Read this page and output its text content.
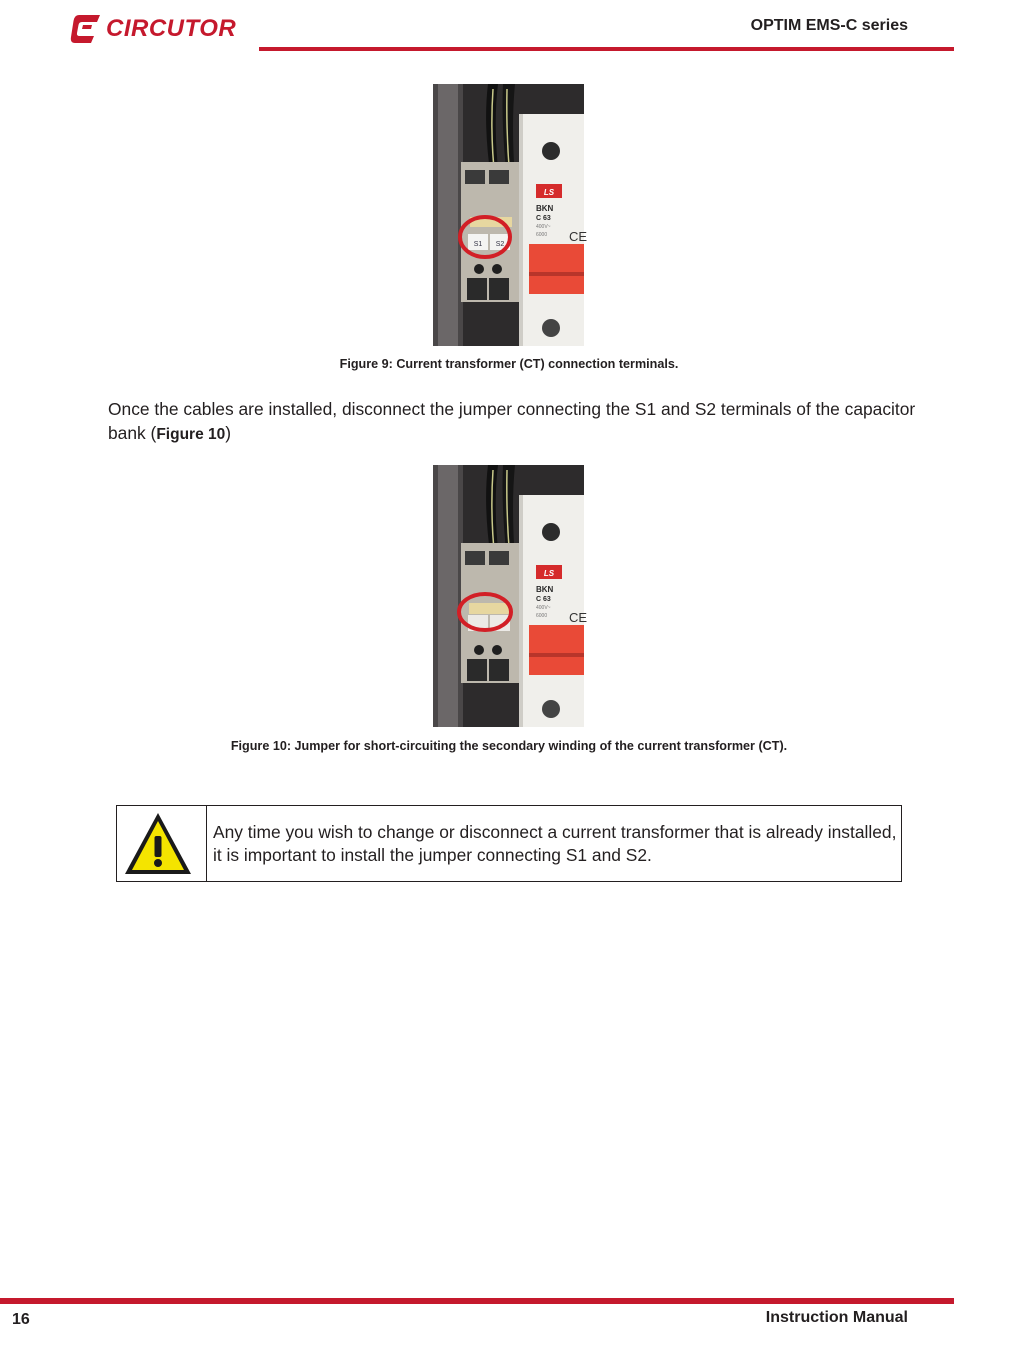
CIRCUTOR	OPTIM EMS-C series
S1 S2
LS
BKN
C 63
400V~
6000 CE
Figure 9: Current transformer (CT) connection terminals.
Once the cables are installed, disconnect the jumper connecting the S1 and S2 terminals of the capacitor bank (Figure 10)
LS
BKN
C 63
400V~
6000 CE
Figure 10: Jumper for short-circuiting the secondary winding of the current transformer (CT).
Any time you wish to change or disconnect a current transformer that is already installed, it is important to install the jumper connecting S1 and S2.
16	Instruction Manual
